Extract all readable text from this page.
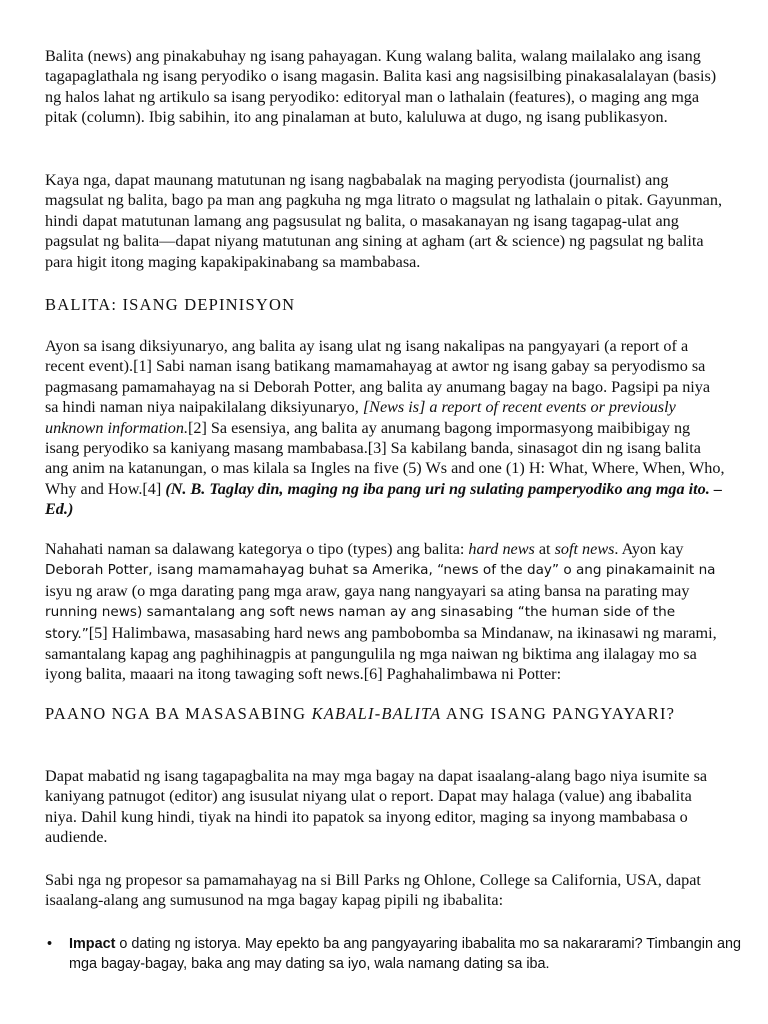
Balita (news) ang pinakabuhay ng isang pahayagan. Kung walang balita, walang mailalako ang isang tagapaglathala ng isang peryodiko o isang magasin. Balita kasi ang nagsisilbing pinakasalalayan (basis) ng halos lahat ng artikulo sa isang peryodiko: editoryal man o lathalain (features), o maging ang mga pitak (column). Ibig sabihin, ito ang pinalaman at buto, kaluluwa at dugo, ng isang publikasyon.

Kaya nga, dapat maunang matutunan ng isang nagbabalak na maging peryodista (journalist) ang magsulat ng balita, bago pa man ang pagkuha ng mga litrato o magsulat ng lathalain o pitak. Gayunman, hindi dapat matutunan lamang ang pagsusulat ng balita, o masakanayan ng isang tagapag-ulat ang pagsulat ng balita—dapat niyang matutunan ang sining at agham (art & science) ng pagsulat ng balita para higit itong maging kapakipakinabang sa mambabasa.

BALITA: ISANG DEPINISYON

Ayon sa isang diksiyunaryo, ang balita ay isang ulat ng isang nakalipas na pangyayari (a report of a recent event).[1] Sabi naman isang batikang mamamahayag at awtor ng isang gabay sa peryodismo sa pagmasang pamamahayag na si Deborah Potter, ang balita ay anumang bagay na bago. Pagsipi pa niya sa hindi naman niya naipakilalang diksiyunaryo, [News is] a report of recent events or previously unknown information.[2] Sa esensiya, ang balita ay anumang bagong impormasyong maibibigay ng isang peryodiko sa kaniyang masang mambabasa.[3] Sa kabilang banda, sinasagot din ng isang balita ang anim na katanungan, o mas kilala sa Ingles na five (5) Ws and one (1) H: What, Where, When, Who, Why and How.[4] (N. B. Taglay din, maging ng iba pang uri ng sulating pamperyodiko ang mga ito. – Ed.)

Nahahati naman sa dalawang kategorya o tipo (types) ang balita: hard news at soft news. Ayon kay Deborah Potter, isang mamamahayag buhat sa Amerika, “news of the day” o ang pinakamainit na isyu ng araw (o mga darating pang mga araw, gaya nang nangyayari sa ating bansa na parating may running news) samantalang ang soft news naman ay ang sinasabing “the human side of the story.”[5] Halimbawa, masasabing hard news ang pambobomba sa Mindanaw, na ikinasawi ng marami, samantalang kapag ang paghihinagpis at pangungulila ng mga naiwan ng biktima ang ilalagay mo sa iyong balita, maaari na itong tawaging soft news.[6] Paghahalimbawa ni Potter:

PAANO NGA BA MASASABING KABALI-BALITA ANG ISANG PANGYAYARI?

Dapat mabatid ng isang tagapagbalita na may mga bagay na dapat isaalang-alang bago niya isumite sa kaniyang patnugot (editor) ang isusulat niyang ulat o report. Dapat may halaga (value) ang ibabalita niya. Dahil kung hindi, tiyak na hindi ito papatok sa inyong editor, maging sa inyong mambabasa o audiende.

Sabi nga ng propesor sa pamamahayag na si Bill Parks ng Ohlone, College sa California, USA, dapat isaalang-alang ang sumusunod na mga bagay kapag pipili ng ibabalita:

• Impact o dating ng istorya. May epekto ba ang pangyayaring ibabalita mo sa nakararami? Timbangin ang mga bagay-bagay, baka ang may dating sa iyo, wala namang dating sa iba.
